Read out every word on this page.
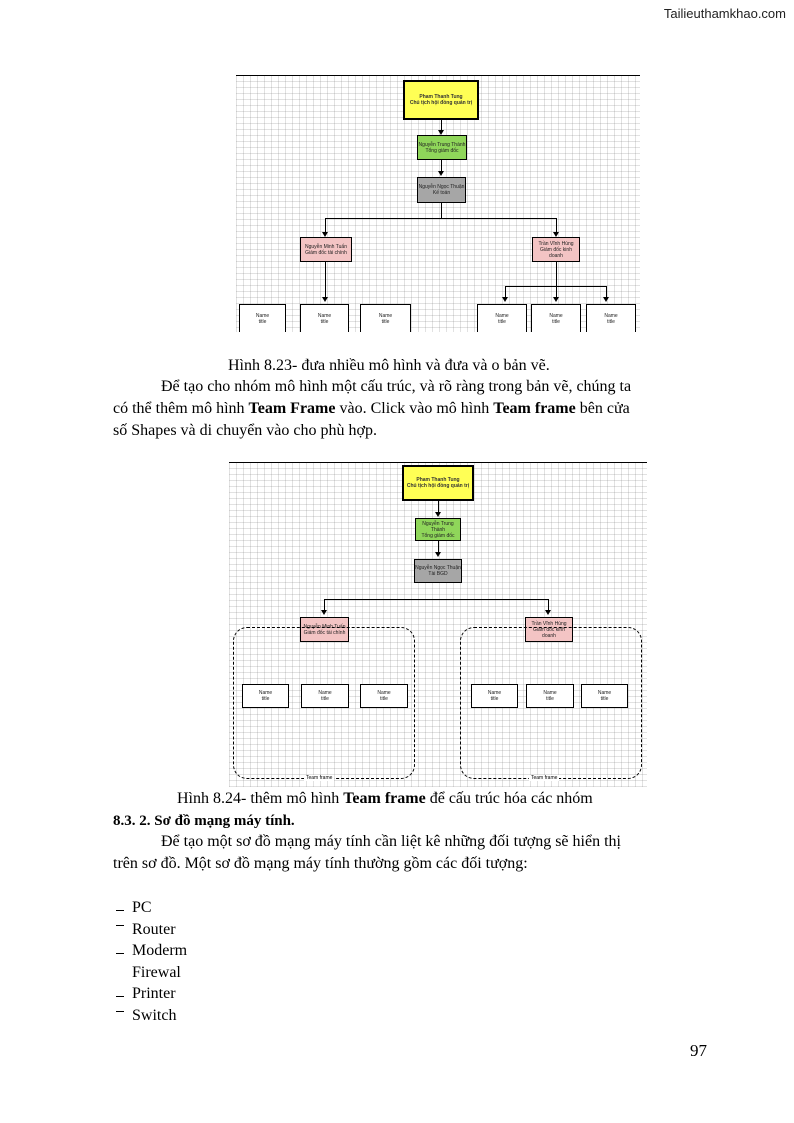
Tailieuthamkhao.com
Pham Thanh Tung
Chủ tịch hội đồng quản trị
Nguyễn Trung Thành
Tổng giám đốc
Nguyễn Ngọc Thuận
Kế toán
Nguyễn Minh Tuấn
Giám đốc tài chính
Trần Vĩnh Hùng
Giám đốc kinh doanh
Name
title
Name
title
Name
title
Name
title
Name
title
Name
title
Hình 8.23- đưa nhiều mô hình và đưa và o bản vẽ.
Để tạo cho nhóm mô hình một cấu trúc, và rõ ràng trong bản vẽ, chúng ta
có thể thêm mô hình Team Frame vào. Click vào mô hình Team frame bên cửa
số Shapes và di chuyển vào cho phù hợp.
Pham Thanh Tung
Chủ tịch hội đồng quản trị
Nguyễn Trung Thành
Tổng giám đốc
Nguyễn Ngọc Thuận
Tài BGD
Nguyễn Minh Tuấn
Giám đốc tài chính
Trần Vĩnh Hùng
Giám đốc kinh doanh
Team frame	Team frame
Name
title
Name
title
Name
title
Name
title
Name
title
Name
title
Hình 8.24- thêm mô hình Team frame để cấu trúc hóa các nhóm
8.3. 2. Sơ đồ mạng máy tính.
Để tạo một sơ đồ mạng máy tính cần liệt kê những đối tượng sẽ hiển thị
trên sơ đồ. Một sơ đồ mạng máy tính thường gồm các đối tượng:
PC
Router
Moderm
Firewal
Printer
Switch
97
